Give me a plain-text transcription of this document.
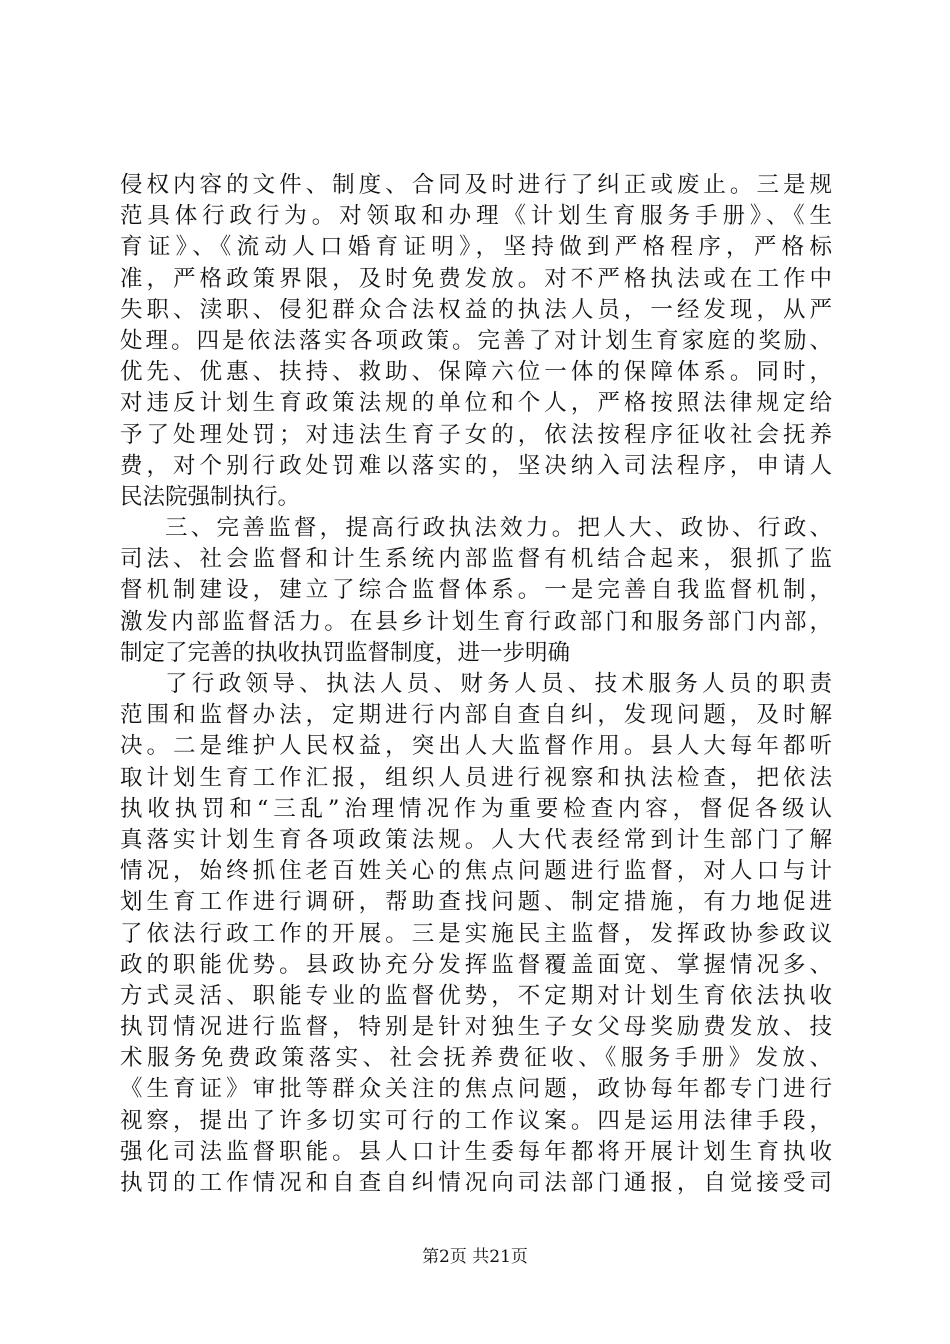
侵权内容的文件、制度、合同及时进行了纠正或废止。三是规
范具体行政行为。对领取和办理《计划生育服务手册》、《生
育证》、《流动人口婚育证明》，坚持做到严格程序，严格标
准，严格政策界限，及时免费发放。对不严格执法或在工作中
失职、渎职、侵犯群众合法权益的执法人员，一经发现，从严
处理。四是依法落实各项政策。完善了对计划生育家庭的奖励、
优先、优惠、扶持、救助、保障六位一体的保障体系。同时，
对违反计划生育政策法规的单位和个人，严格按照法律规定给
予了处理处罚；对违法生育子女的，依法按程序征收社会抚养
费，对个别行政处罚难以落实的，坚决纳入司法程序，申请人
民法院强制执行。
三、完善监督，提高行政执法效力。把人大、政协、行政、
司法、社会监督和计生系统内部监督有机结合起来，狠抓了监
督机制建设，建立了综合监督体系。一是完善自我监督机制，
激发内部监督活力。在县乡计划生育行政部门和服务部门内部，
制定了完善的执收执罚监督制度，进一步明确
了行政领导、执法人员、财务人员、技术服务人员的职责
范围和监督办法，定期进行内部自查自纠，发现问题，及时解
决。二是维护人民权益，突出人大监督作用。县人大每年都听
取计划生育工作汇报，组织人员进行视察和执法检查，把依法
执收执罚和“三乱”治理情况作为重要检查内容，督促各级认
真落实计划生育各项政策法规。人大代表经常到计生部门了解
情况，始终抓住老百姓关心的焦点问题进行监督，对人口与计
划生育工作进行调研，帮助查找问题、制定措施，有力地促进
了依法行政工作的开展。三是实施民主监督，发挥政协参政议
政的职能优势。县政协充分发挥监督覆盖面宽、掌握情况多、
方式灵活、职能专业的监督优势，不定期对计划生育依法执收
执罚情况进行监督，特别是针对独生子女父母奖励费发放、技
术服务免费政策落实、社会抚养费征收、《服务手册》发放、
《生育证》审批等群众关注的焦点问题，政协每年都专门进行
视察，提出了许多切实可行的工作议案。四是运用法律手段，
强化司法监督职能。县人口计生委每年都将开展计划生育执收
执罚的工作情况和自查自纠情况向司法部门通报，自觉接受司
第2页 共21页
